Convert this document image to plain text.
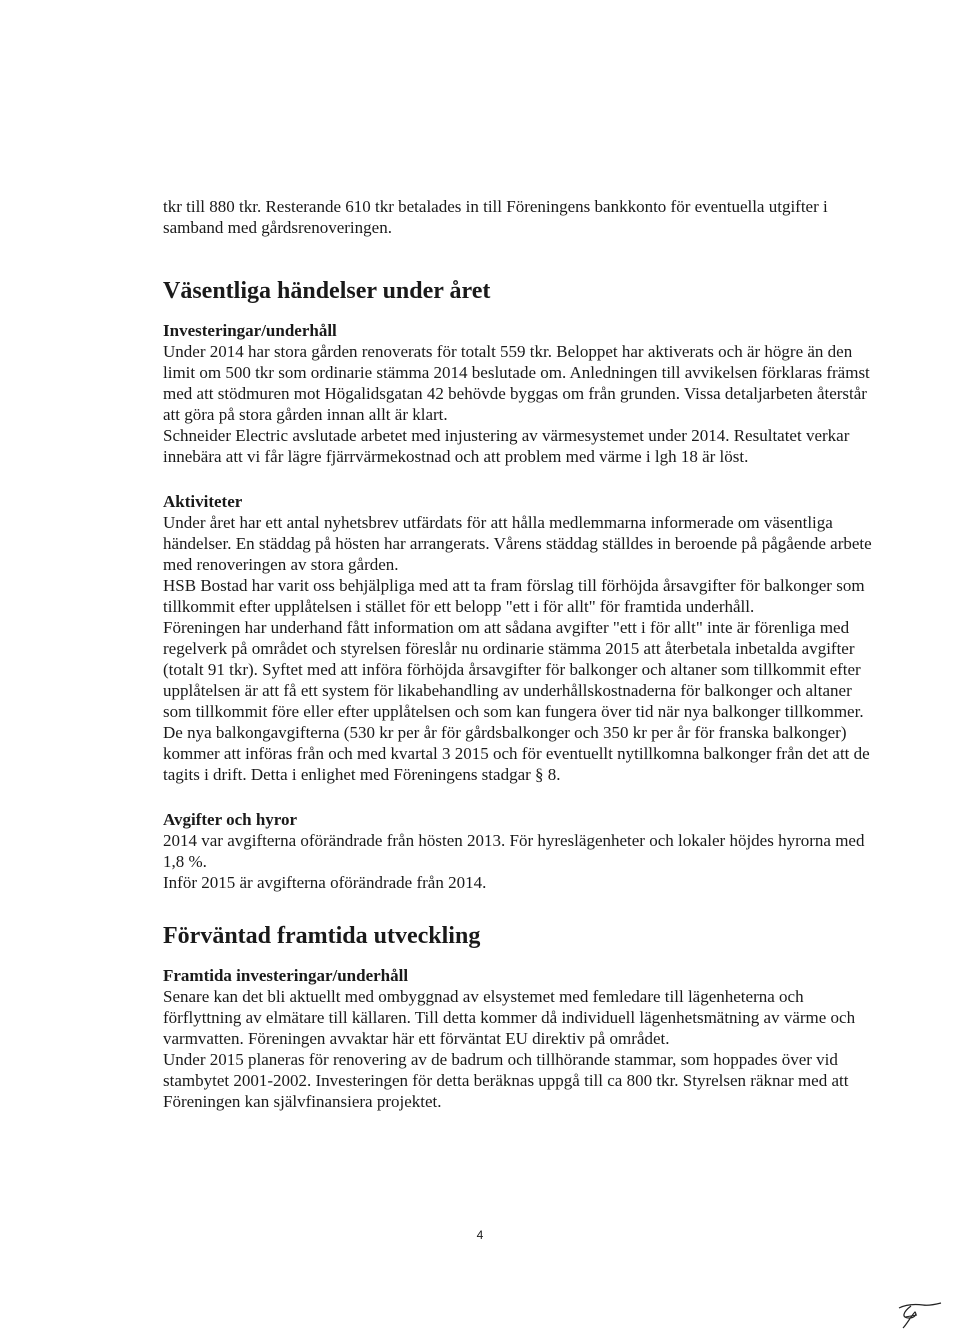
tkr till 880 tkr. Resterande 610 tkr betalades in till Föreningens bankkonto för eventuella utgifter i samband med gårdsrenoveringen.

Väsentliga händelser under året
Investeringar/underhåll

Under 2014 har stora gården renoverats för totalt 559 tkr. Beloppet har aktiverats och är högre än den limit om 500 tkr som ordinarie stämma 2014 beslutade om. Anledningen till avvikelsen förklaras främst med att stödmuren mot Högalidsgatan 42 behövde byggas om från grunden. Vissa detaljarbeten återstår att göra på stora gården innan allt är klart.

Schneider Electric avslutade arbetet med injustering av värmesystemet under 2014. Resultatet verkar innebära att vi får lägre fjärrvärmekostnad och att problem med värme i lgh 18 är löst.

Aktiviteter

Under året har ett antal nyhetsbrev utfärdats för att hålla medlemmarna informerade om väsentliga händelser. En städdag på hösten har arrangerats. Vårens städdag ställdes in beroende på pågående arbete med renoveringen av stora gården.

HSB Bostad har varit oss behjälpliga med att ta fram förslag till förhöjda årsavgifter för balkonger som tillkommit efter upplåtelsen i stället för ett belopp "ett i för allt" för framtida underhåll.

Föreningen har underhand fått information om att sådana avgifter "ett i för allt" inte är förenliga med regelverk på området och styrelsen föreslår nu ordinarie stämma 2015 att återbetala inbetalda avgifter (totalt 91 tkr). Syftet med att införa förhöjda årsavgifter för balkonger och altaner som tillkommit efter upplåtelsen är att få ett system för likabehandling av underhållskostnaderna för balkonger och altaner som tillkommit före eller efter upplåtelsen och som kan fungera över tid när nya balkonger tillkommer. De nya balkongavgifterna (530 kr per år för gårdsbalkonger och 350 kr per år för franska balkonger) kommer att införas från och med kvartal 3 2015 och för eventuellt nytillkomna balkonger från det att de tagits i drift. Detta i enlighet med Föreningens stadgar § 8.

Avgifter och hyror

2014 var avgifterna oförändrade från hösten 2013. För hyreslägenheter och lokaler höjdes hyrorna med 1,8 %.

Inför 2015 är avgifterna oförändrade från 2014.

Förväntad framtida utveckling
Framtida investeringar/underhåll

Senare kan det bli aktuellt med ombyggnad av elsystemet med femledare till lägenheterna och förflyttning av elmätare till källaren. Till detta kommer då individuell lägenhetsmätning av värme och varmvatten. Föreningen avvaktar här ett förväntat EU direktiv på området.

Under 2015 planeras för renovering av de badrum och tillhörande stammar, som hoppades över vid stambytet 2001-2002. Investeringen för detta beräknas uppgå till ca 800 tkr. Styrelsen räknar med att Föreningen kan självfinansiera projektet.

4
